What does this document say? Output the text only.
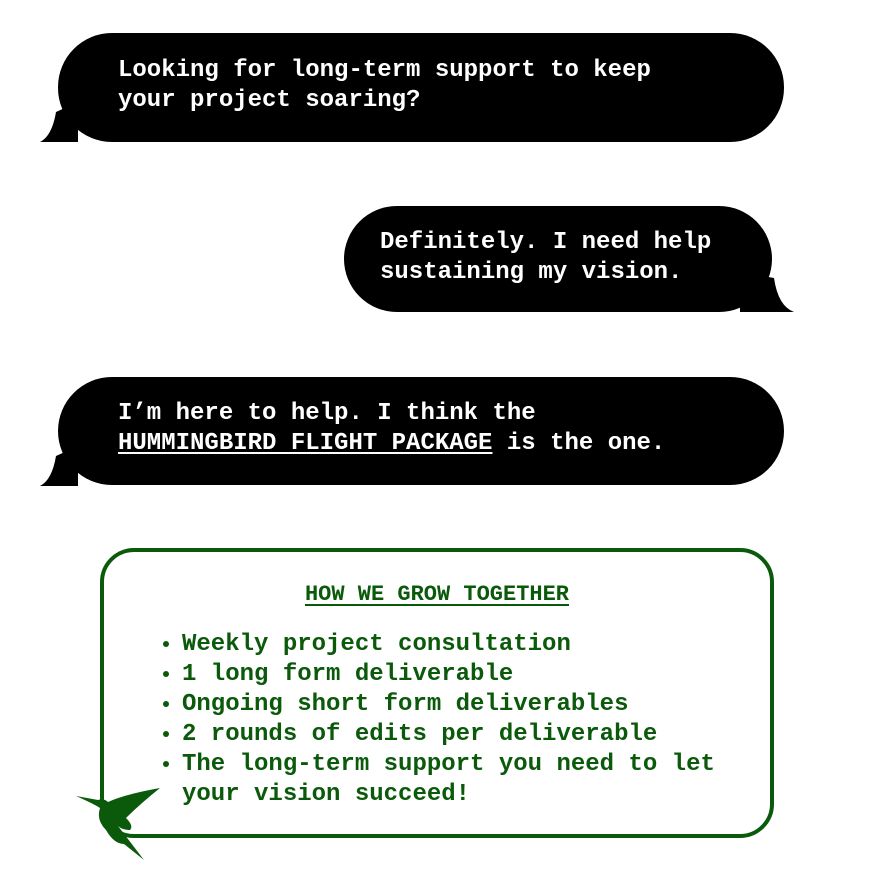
Looking for long-term support to keep
your project soaring?
Definitely. I need help
sustaining my vision.
I’m here to help. I think the
HUMMINGBIRD FLIGHT PACKAGE is the one.
HOW WE GROW TOGETHER
• Weekly project consultation
• 1 long form deliverable
• Ongoing short form deliverables
• 2 rounds of edits per deliverable
• The long-term support you need to let your vision succeed!
